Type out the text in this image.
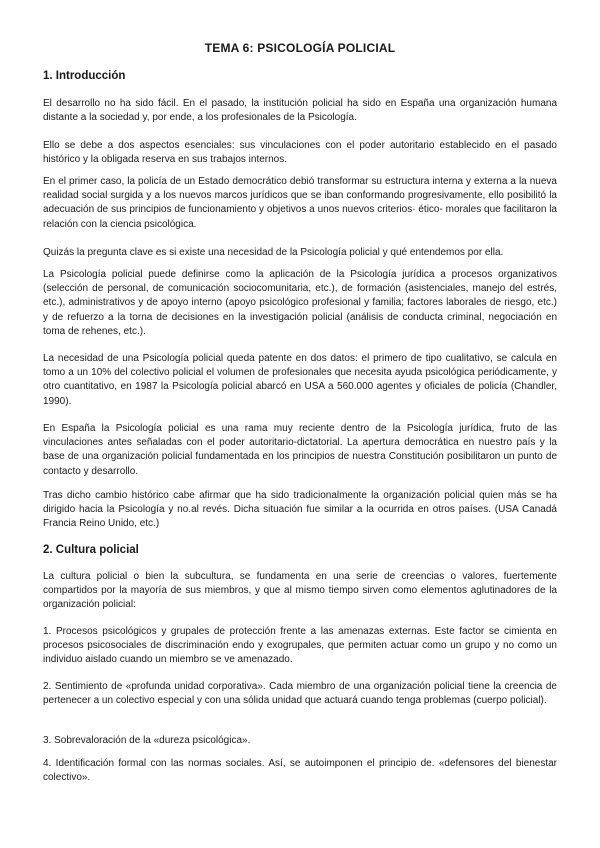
TEMA 6: PSICOLOGÍA POLICIAL
1. Introducción

El desarrollo no ha sido fácil. En el pasado, la institución policial ha sido en España una organización humana distante a la sociedad y, por ende, a los profesionales de la Psicología.

Ello se debe a dos aspectos esenciales: sus vinculaciones con el poder autoritario establecido en el pasado histórico y la obligada reserva en sus trabajos internos.

En el primer caso, la policía de un Estado democrático debió transformar su estructura interna y externa a la nueva realidad social surgida y a los nuevos marcos jurídicos que se iban conformando progresivamente, ello posibilitó la adecuación de sus principios de funcionamiento y objetivos a unos nuevos criterios· ético- morales que facilitaron la relación con la ciencia psicológica.

Quizás la pregunta clave es si existe una necesidad de la Psicología policial y qué entendemos por ella.

La Psicología policial puede definirse como la aplicación de la Psicología jurídica a procesos organizativos (selección de personal, de comunicación sociocomunitaria, etc.), de formación (asistenciales, manejo del estrés, etc.), administrativos y de apoyo interno (apoyo psicológico profesional y familia; factores laborales de riesgo, etc.) y de refuerzo a la torna de decisiones en la investigación policial (análisis de conducta criminal, negociación en toma de rehenes, etc.).

La necesidad de una Psicología policial queda patente en dos datos: el primero de tipo cualitativo, se calcula en tomo a un 10% del colectivo policial el volumen de profesionales que necesita ayuda psicológica periódicamente, y otro cuantitativo, en 1987 la Psicología policial abarcó en USA a 560.000 agentes y oficiales de policía (Chandler, 1990).

En España la Psicología policial es una rama muy reciente dentro de la Psicología jurídica, fruto de las vinculaciones antes señaladas con el poder autoritario-dictatorial. La apertura democrática en nuestro país y la base de una organización policial fundamentada en los principios de nuestra Constitución posibilitaron un punto de contacto y desarrollo.

Tras dicho cambio histórico cabe afirmar que ha sido tradicionalmente la organización policial quien más se ha dirigido hacia la Psicología y no.al revés. Dicha situación fue similar a la ocurrida en otros países. (USA Canadá Francia Reino Unido, etc.)

2. Cultura policial

La cultura policial o bien la subcultura, se fundamenta en una serie de creencias o valores, fuertemente compartidos por la mayoría de sus miembros, y que al mismo tiempo sirven como elementos aglutinadores de la organización policial:

1. Procesos psicológicos y grupales de protección frente a las amenazas externas. Este factor se cimienta en procesos psicosociales de discriminación endo y exogrupales, que permiten actuar como un grupo y no como un individuo aislado cuando un miembro se ve amenazado.

2. Sentimiento de «profunda unidad corporativa». Cada miembro de una organización policial tiene la creencia de pertenecer a un colectivo especial y con una sólida unidad que actuará cuando tenga problemas (cuerpo policial).

3. Sobrevaloración de la «dureza psicológica».

4. Identificación formal con las normas sociales. Así, se autoimponen el principio de. «defensores del bienestar colectivo».
